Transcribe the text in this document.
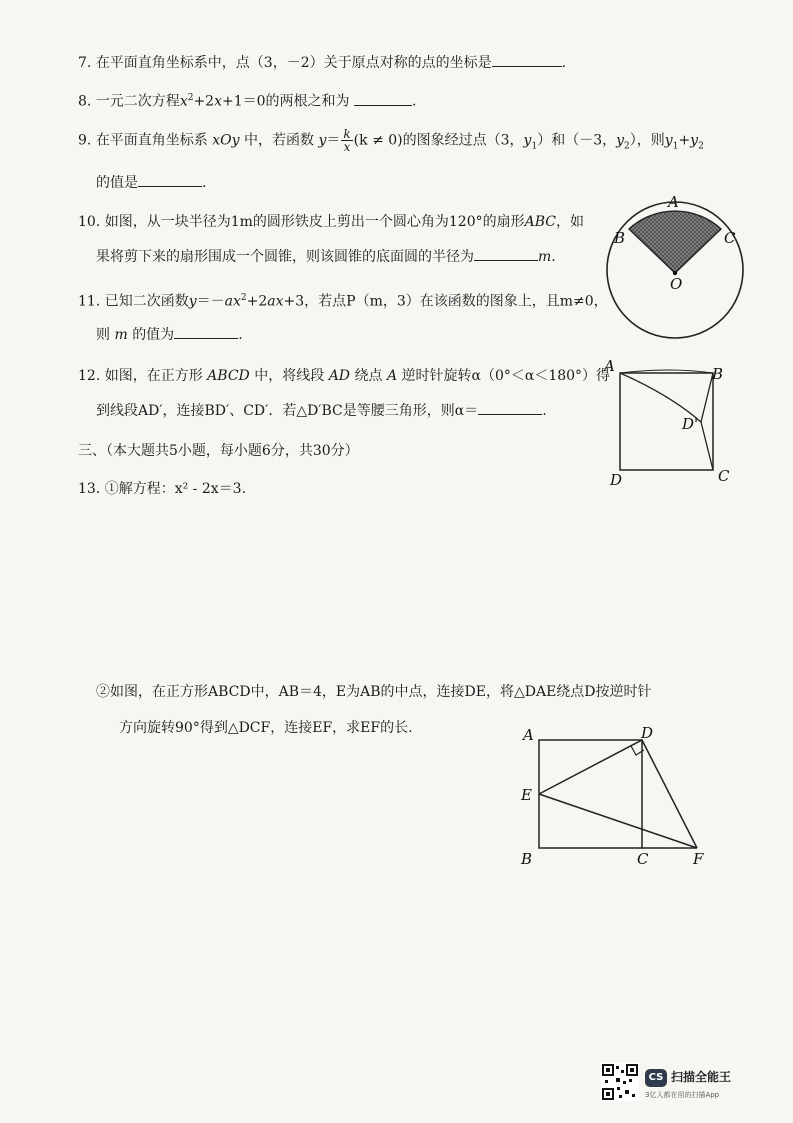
7. 在平面直角坐标系中，点（3，－2）关于原点对称的点的坐标是	.
8. 一元二次方程$x^2+2x+1=0$的两根之和为	.
9. 在平面直角坐标系 xOy 中，若函数 $y= \frac{k}{x} (k \ne 0)$的图象经过点（3，$y_1$）和（－3，$y_2$），则$y_1+y_2$
的值是	.
10. 如图，从一块半径为1m的圆形铁皮上剪出一个圆心角为120°的扇形ABC，如
果将剪下来的扇形围成一个圆锥，则该圆锥的底面圆的半径为	m.
A
B	C
O
11. 已知二次函数$y=-ax^2+2ax+3$，若点P（m，3）在该函数的图象上，且m≠0，
则 m 的值为	.
12. 如图，在正方形 ABCD 中，将线段 AD 绕点 A 逆时针旋转α（0°＜α＜180°）得
到线段AD′，连接BD′、CD′．若△D′BC是等腰三角形，则α＝	.
A	B
C
D
D'
三、（本大题共5小题，每小题6分，共30分）
13. ①解方程：x² - 2x＝3.
②如图，在正方形ABCD中，AB＝4，E为AB的中点，连接DE，将△DAE绕点D按逆时针
方向旋转90°得到△DCF，连接EF，求EF的长.	A	D
E
B	C	F
CS 扫描全能王
3亿人都在用的扫描App
